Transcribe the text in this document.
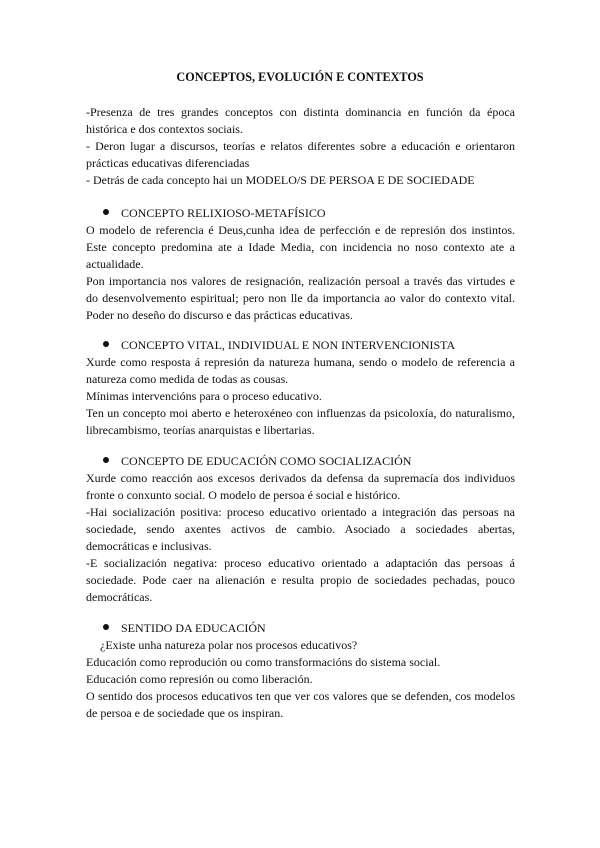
CONCEPTOS, EVOLUCIÓN E CONTEXTOS

-Presenza de tres grandes conceptos con distinta dominancia en función da época histórica e dos contextos sociais.

- Deron lugar a discursos, teorías e relatos diferentes sobre a educación e orientaron prácticas educativas diferenciadas

- Detrás de cada concepto hai un MODELO/S DE PERSOA E DE SOCIEDADE

CONCEPTO RELIXIOSO-METAFÍSICO

O modelo de referencia é Deus,cunha idea de perfección e de represión dos instintos. Este concepto predomina ate a Idade Media, con incidencia no noso contexto ate a actualidade.

Pon importancia nos valores de resignación, realización persoal a través das virtudes e do desenvolvemento espiritual; pero non lle da importancia ao valor do contexto vital. Poder no deseño do discurso e das prácticas educativas.

CONCEPTO VITAL, INDIVIDUAL E NON INTERVENCIONISTA

Xurde como resposta á represión da natureza humana, sendo o modelo de referencia a natureza como medida de todas as cousas.

Mínimas intervencións para o proceso educativo.

Ten un concepto moi aberto e heteroxéneo con influenzas da psicoloxía, do naturalismo, librecambismo, teorías anarquistas e libertarias.

CONCEPTO DE EDUCACIÓN COMO SOCIALIZACIÓN

Xurde como reacción aos excesos derivados da defensa da supremacía dos individuos fronte o conxunto social. O modelo de persoa é social e histórico.

-Hai socialización positiva: proceso educativo orientado a integración das persoas na sociedade, sendo axentes activos de cambio. Asociado a sociedades abertas, democráticas e inclusivas.

-E socialización negativa: proceso educativo orientado a adaptación das persoas á sociedade. Pode caer na alienación e resulta propio de sociedades pechadas, pouco democráticas.

SENTIDO DA EDUCACIÓN

¿Existe unha natureza polar nos procesos educativos?

Educación como reprodución ou como transformacións do sistema social.

Educación como represión ou como liberación.

O sentido dos procesos educativos ten que ver cos valores que se defenden, cos modelos de persoa e de sociedade que os inspiran.
